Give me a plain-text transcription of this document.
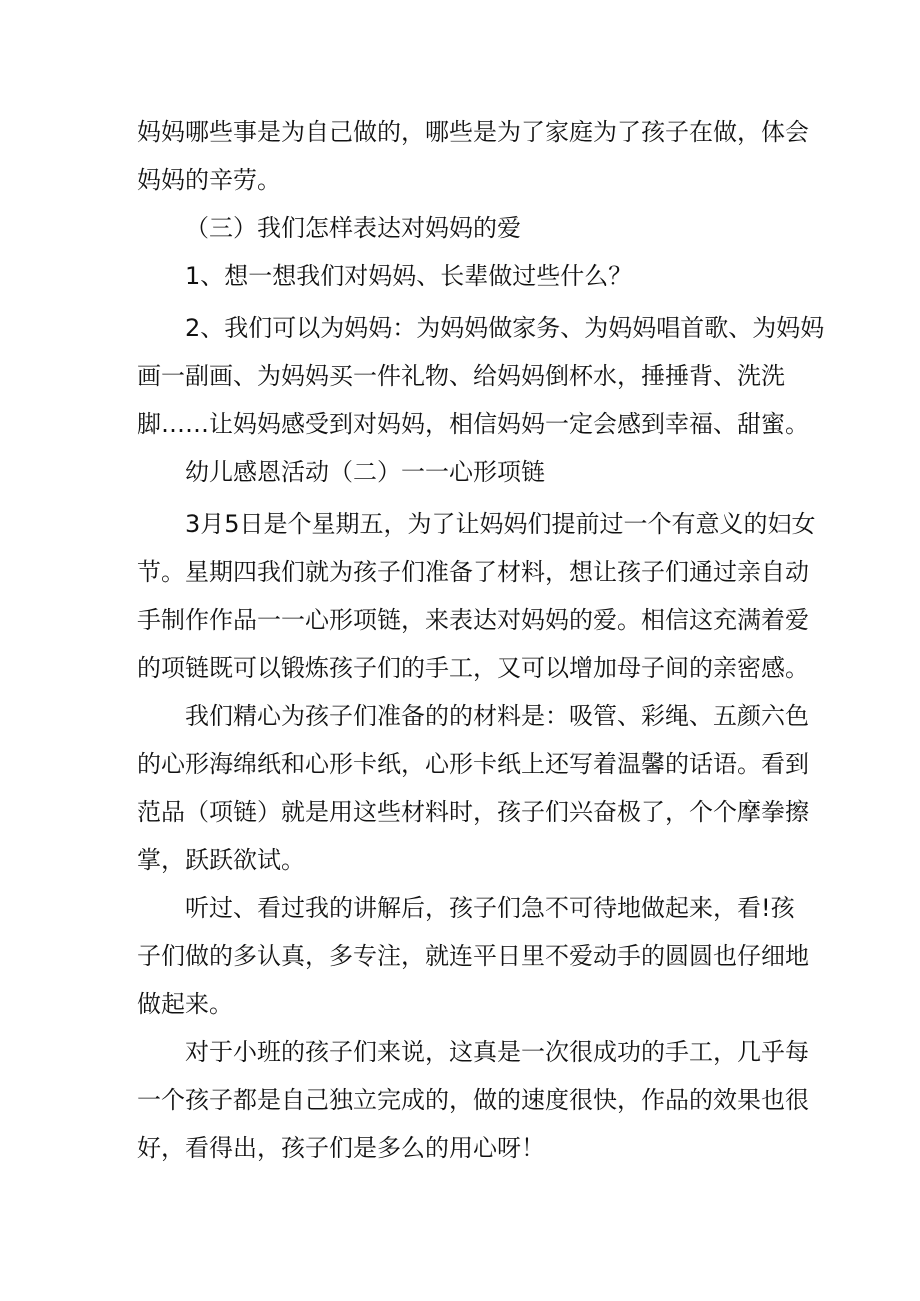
妈妈哪些事是为自己做的，哪些是为了家庭为了孩子在做，体会

妈妈的辛劳。

（三）我们怎样表达对妈妈的爱

1、想一想我们对妈妈、长辈做过些什么？

2、我们可以为妈妈：为妈妈做家务、为妈妈唱首歌、为妈妈

画一副画、为妈妈买一件礼物、给妈妈倒杯水，捶捶背、洗洗

脚……让妈妈感受到对妈妈，相信妈妈一定会感到幸福、甜蜜。

幼儿感恩活动（二）一一心形项链

3月5日是个星期五，为了让妈妈们提前过一个有意义的妇女

节。星期四我们就为孩子们准备了材料，想让孩子们通过亲自动

手制作作品一一心形项链，来表达对妈妈的爱。相信这充满着爱

的项链既可以锻炼孩子们的手工，又可以增加母子间的亲密感。

我们精心为孩子们准备的的材料是：吸管、彩绳、五颜六色

的心形海绵纸和心形卡纸，心形卡纸上还写着温馨的话语。看到

范品（项链）就是用这些材料时，孩子们兴奋极了，个个摩拳擦

掌，跃跃欲试。

听过、看过我的讲解后，孩子们急不可待地做起来，看!孩

子们做的多认真，多专注，就连平日里不爱动手的圆圆也仔细地

做起来。

对于小班的孩子们来说，这真是一次很成功的手工，几乎每

一个孩子都是自己独立完成的，做的速度很快，作品的效果也很

好，看得出，孩子们是多么的用心呀！
